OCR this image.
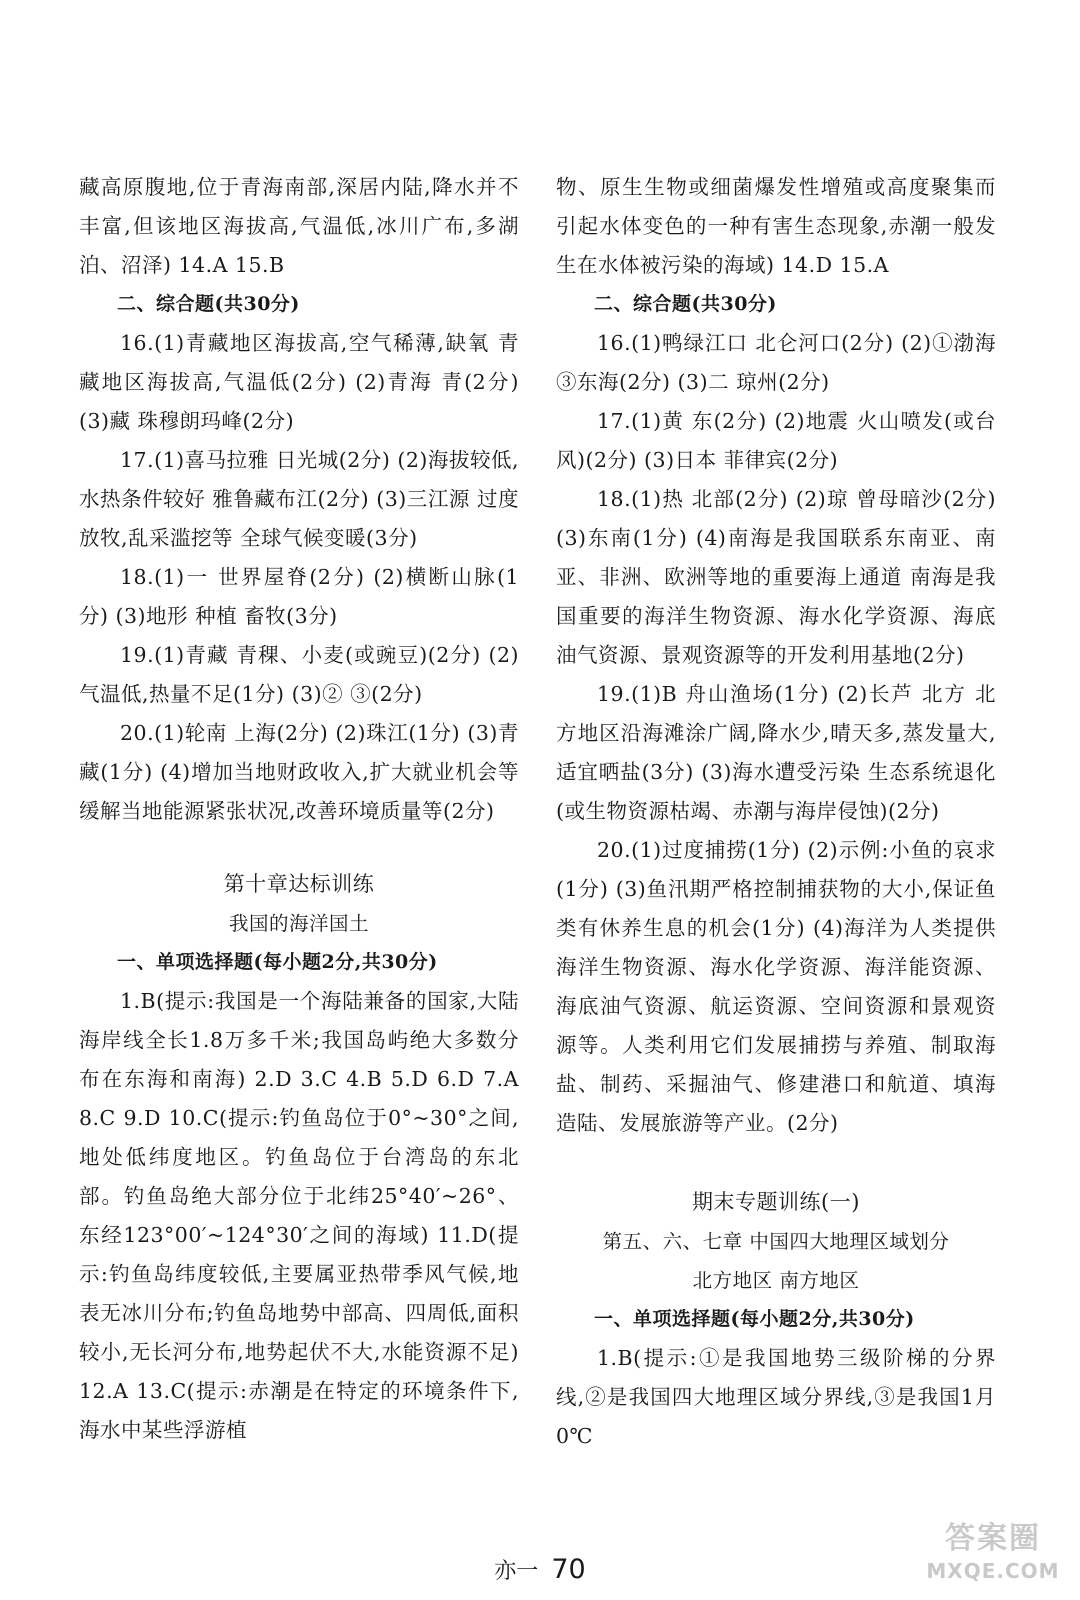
藏高原腹地,位于青海南部,深居内陆,降水并不丰富,但该地区海拔高,气温低,冰川广布,多湖泊、沼泽) 14.A 15.B

二、综合题(共30分)

16.(1)青藏地区海拔高,空气稀薄,缺氧 青藏地区海拔高,气温低(2分) (2)青海 青(2分) (3)藏 珠穆朗玛峰(2分)

17.(1)喜马拉雅 日光城(2分) (2)海拔较低,水热条件较好 雅鲁藏布江(2分) (3)三江源 过度放牧,乱采滥挖等 全球气候变暖(3分)

18.(1)一 世界屋脊(2分) (2)横断山脉(1分) (3)地形 种植 畜牧(3分)

19.(1)青藏 青稞、小麦(或豌豆)(2分) (2)气温低,热量不足(1分) (3)② ③(2分)

20.(1)轮南 上海(2分) (2)珠江(1分) (3)青藏(1分) (4)增加当地财政收入,扩大就业机会等 缓解当地能源紧张状况,改善环境质量等(2分)

第十章达标训练

我国的海洋国土

一、单项选择题(每小题2分,共30分)

1.B(提示:我国是一个海陆兼备的国家,大陆海岸线全长1.8万多千米;我国岛屿绝大多数分布在东海和南海) 2.D 3.C 4.B 5.D 6.D 7.A 8.C 9.D 10.C(提示:钓鱼岛位于0°~30°之间,地处低纬度地区。钓鱼岛位于台湾岛的东北部。钓鱼岛绝大部分位于北纬25°40′~26°、东经123°00′~124°30′之间的海域) 11.D(提示:钓鱼岛纬度较低,主要属亚热带季风气候,地表无冰川分布;钓鱼岛地势中部高、四周低,面积较小,无长河分布,地势起伏不大,水能资源不足) 12.A 13.C(提示:赤潮是在特定的环境条件下,海水中某些浮游植

物、原生生物或细菌爆发性增殖或高度聚集而引起水体变色的一种有害生态现象,赤潮一般发生在水体被污染的海域) 14.D 15.A

二、综合题(共30分)

16.(1)鸭绿江口 北仑河口(2分) (2)①渤海 ③东海(2分) (3)二 琼州(2分)

17.(1)黄 东(2分) (2)地震 火山喷发(或台风)(2分) (3)日本 菲律宾(2分)

18.(1)热 北部(2分) (2)琼 曾母暗沙(2分) (3)东南(1分) (4)南海是我国联系东南亚、南亚、非洲、欧洲等地的重要海上通道 南海是我国重要的海洋生物资源、海水化学资源、海底油气资源、景观资源等的开发利用基地(2分)

19.(1)B 舟山渔场(1分) (2)长芦 北方 北方地区沿海滩涂广阔,降水少,晴天多,蒸发量大,适宜晒盐(3分) (3)海水遭受污染 生态系统退化(或生物资源枯竭、赤潮与海岸侵蚀)(2分)

20.(1)过度捕捞(1分) (2)示例:小鱼的哀求(1分) (3)鱼汛期严格控制捕获物的大小,保证鱼类有休养生息的机会(1分) (4)海洋为人类提供海洋生物资源、海水化学资源、海洋能资源、海底油气资源、航运资源、空间资源和景观资源等。人类利用它们发展捕捞与养殖、制取海盐、制药、采掘油气、修建港口和航道、填海造陆、发展旅游等产业。(2分)

期末专题训练(一)

第五、六、七章 中国四大地理区域划分

北方地区 南方地区

一、单项选择题(每小题2分,共30分)

1.B(提示:①是我国地势三级阶梯的分界线,②是我国四大地理区域分界线,③是我国1月0℃

亦一 70
答案圈
MXQE.COM
